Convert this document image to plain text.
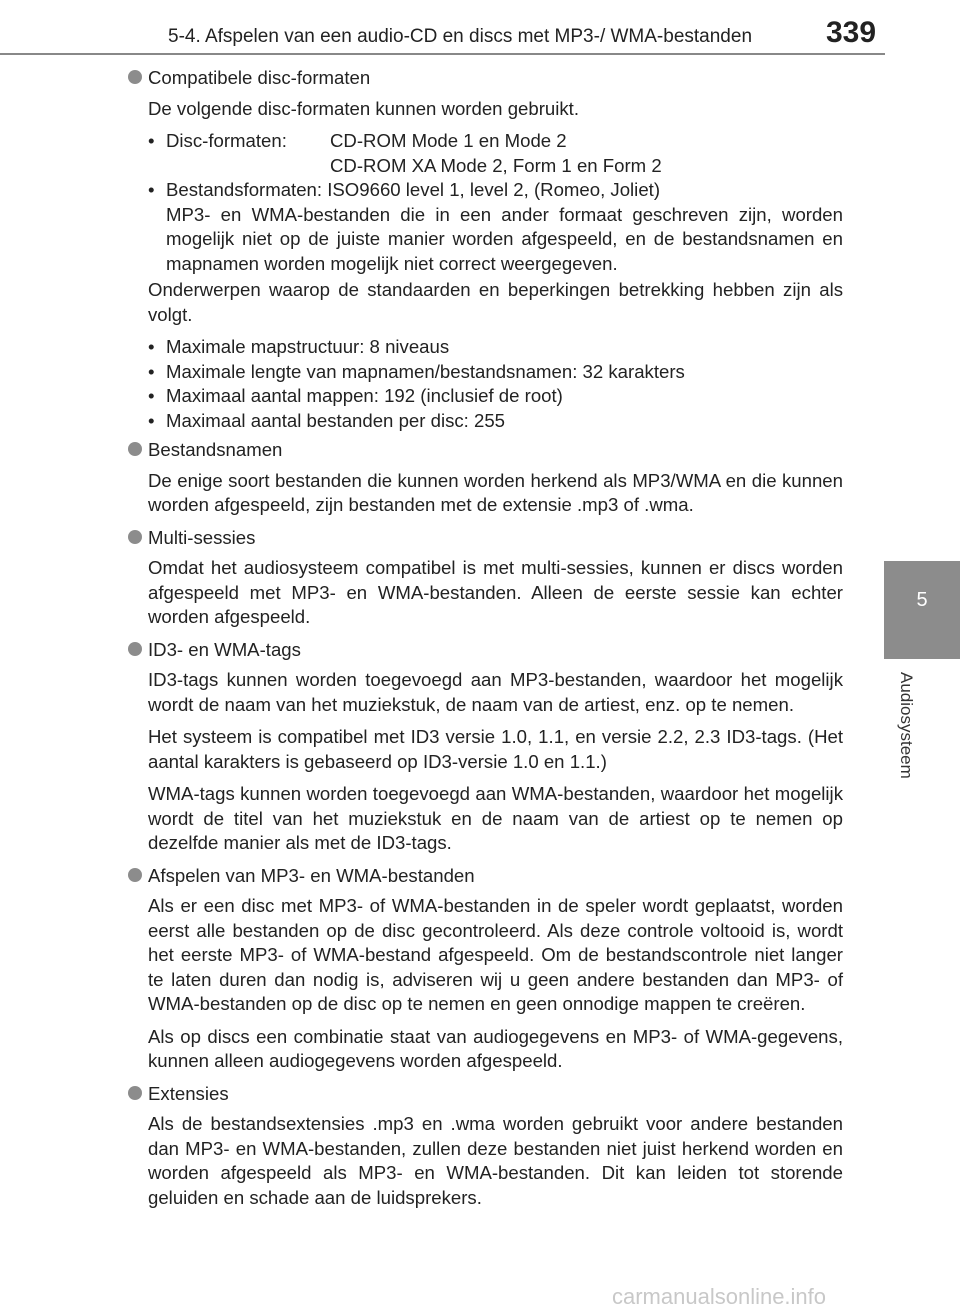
5-4. Afspelen van een audio-CD en discs met MP3-/ WMA-bestanden 339
5
Audiosysteem
Compatibele disc-formaten

De volgende disc-formaten kunnen worden gebruikt.

• Disc-formaten: CD-ROM Mode 1 en Mode 2
CD-ROM XA Mode 2, Form 1 en Form 2
• Bestandsformaten: ISO9660 level 1, level 2, (Romeo, Joliet)
MP3- en WMA-bestanden die in een ander formaat geschreven zijn, worden mogelijk niet op de juiste manier worden afgespeeld, en de bestandsnamen en mapnamen worden mogelijk niet correct weergegeven.

Onderwerpen waarop de standaarden en beperkingen betrekking hebben zijn als volgt.

• Maximale mapstructuur: 8 niveaus
• Maximale lengte van mapnamen/bestandsnamen: 32 karakters
• Maximaal aantal mappen: 192 (inclusief de root)
• Maximaal aantal bestanden per disc: 255
Bestandsnamen

De enige soort bestanden die kunnen worden herkend als MP3/WMA en die kunnen worden afgespeeld, zijn bestanden met de extensie .mp3 of .wma.

Multi-sessies

Omdat het audiosysteem compatibel is met multi-sessies, kunnen er discs worden afgespeeld met MP3- en WMA-bestanden. Alleen de eerste sessie kan echter worden afgespeeld.

ID3- en WMA-tags

ID3-tags kunnen worden toegevoegd aan MP3-bestanden, waardoor het mogelijk wordt de naam van het muziekstuk, de naam van de artiest, enz. op te nemen.

Het systeem is compatibel met ID3 versie 1.0, 1.1, en versie 2.2, 2.3 ID3-tags. (Het aantal karakters is gebaseerd op ID3-versie 1.0 en 1.1.)

WMA-tags kunnen worden toegevoegd aan WMA-bestanden, waardoor het mogelijk wordt de titel van het muziekstuk en de naam van de artiest op te nemen op dezelfde manier als met de ID3-tags.

Afspelen van MP3- en WMA-bestanden

Als er een disc met MP3- of WMA-bestanden in de speler wordt geplaatst, worden eerst alle bestanden op de disc gecontroleerd. Als deze controle voltooid is, wordt het eerste MP3- of WMA-bestand afgespeeld. Om de bestandscontrole niet langer te laten duren dan nodig is, adviseren wij u geen andere bestanden dan MP3- of WMA-bestanden op de disc op te nemen en geen onnodige mappen te creëren.

Als op discs een combinatie staat van audiogegevens en MP3- of WMA-gegevens, kunnen alleen audiogegevens worden afgespeeld.

Extensies

Als de bestandsextensies .mp3 en .wma worden gebruikt voor andere bestanden dan MP3- en WMA-bestanden, zullen deze bestanden niet juist herkend worden en worden afgespeeld als MP3- en WMA-bestanden. Dit kan leiden tot storende geluiden en schade aan de luidsprekers.

carmanualsonline.info
